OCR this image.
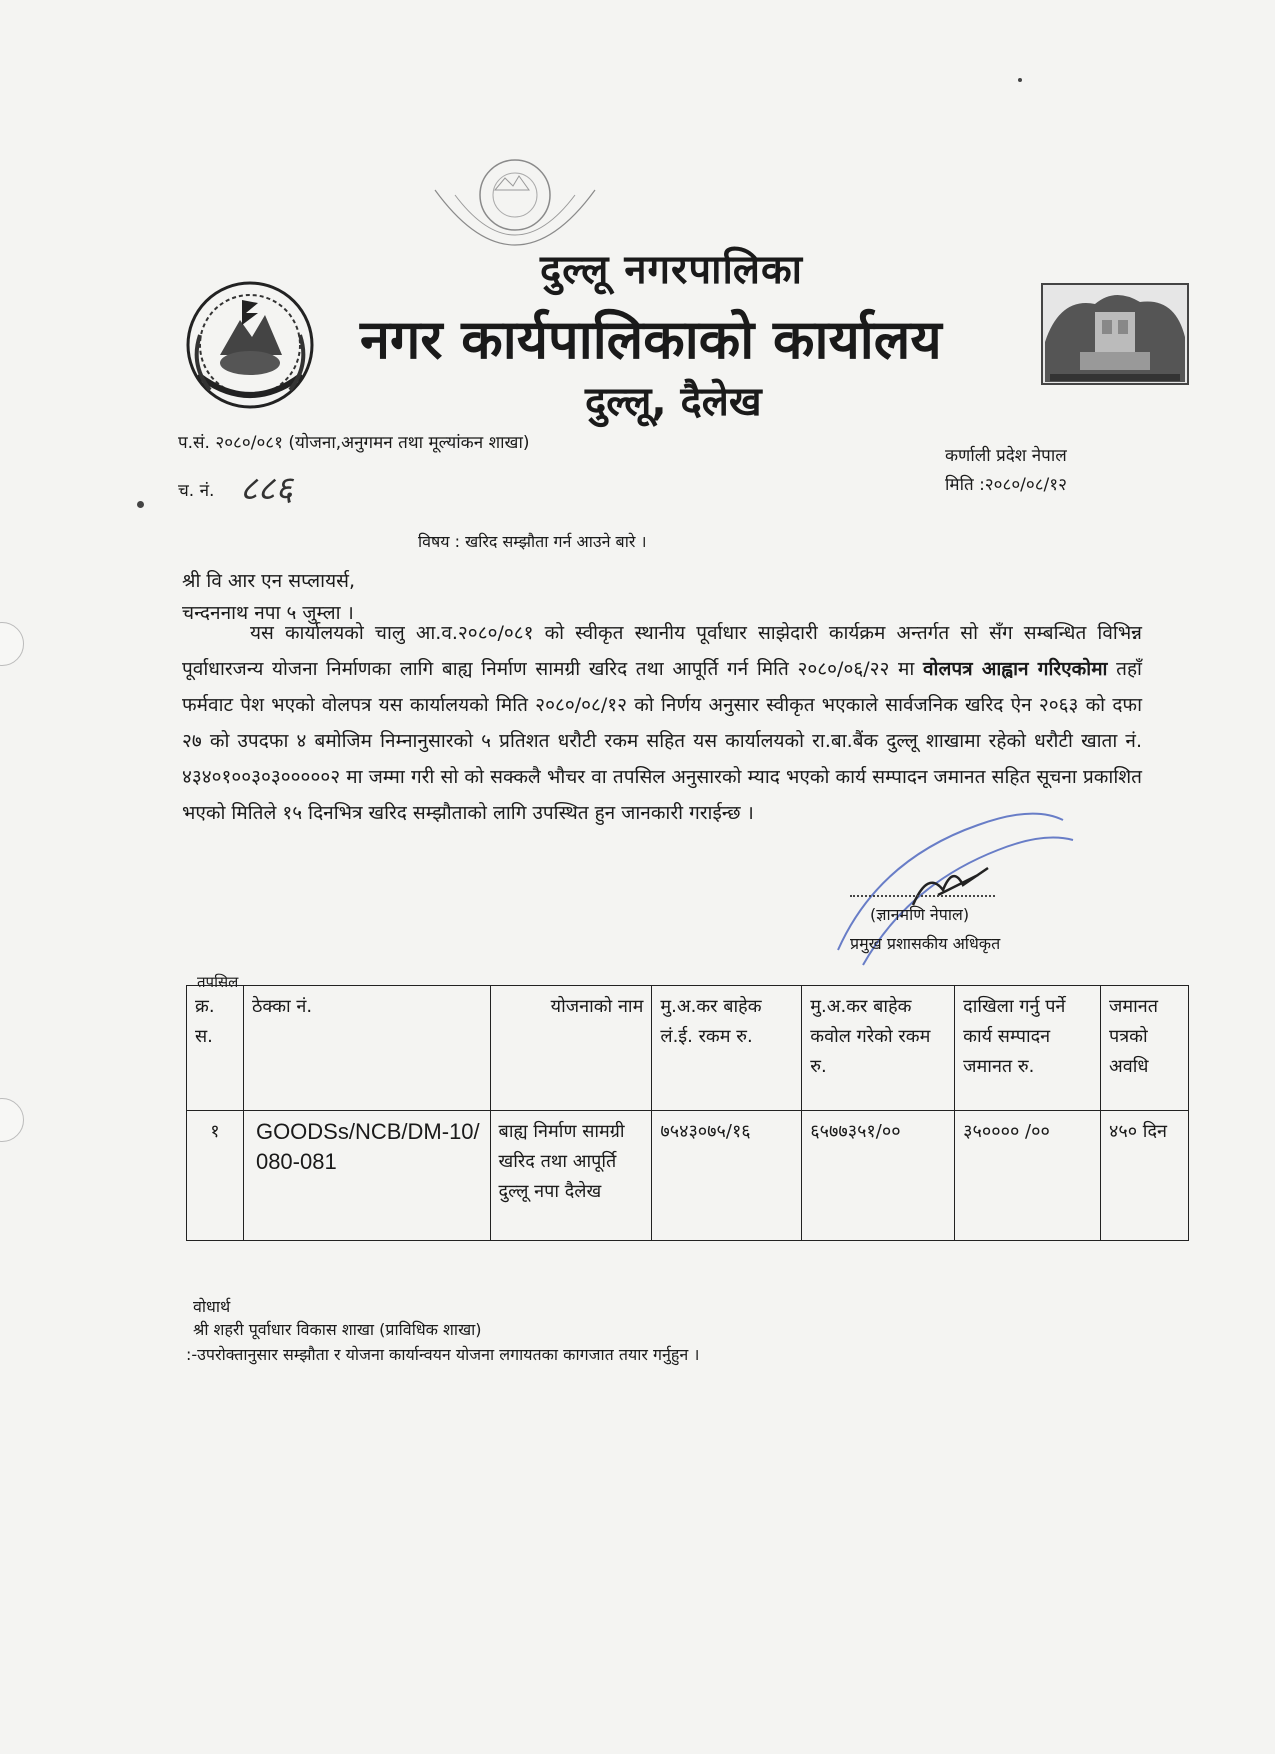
दुल्लू नगरपालिका
नगर कार्यपालिकाको कार्यालय
दुल्लू, दैलेख
प.सं. २०८०/०८१ (योजना,अनुगमन तथा मूल्यांकन शाखा)
च. नं. ८८६
कर्णाली प्रदेश नेपाल
मिति :२०८०/०८/१२
विषय : खरिद सम्झौता गर्न आउने बारे ।
श्री वि आर एन सप्लायर्स,
चन्दननाथ नपा ५ जुम्ला ।
यस कार्यालयको चालु आ.व.२०८०/०८१ को स्वीकृत स्थानीय पूर्वाधार साझेदारी कार्यक्रम अन्तर्गत सो सँग सम्बन्धित विभिन्न पूर्वाधारजन्य योजना निर्माणका लागि बाह्य निर्माण सामग्री खरिद तथा आपूर्ति गर्न मिति २०८०/०६/२२ मा वोलपत्र आह्वान गरिएकोमा तहाँ फर्मवाट पेश भएको वोलपत्र यस कार्यालयको मिति २०८०/०८/१२ को निर्णय अनुसार स्वीकृत भएकाले सार्वजनिक खरिद ऐन २०६३ को दफा २७ को उपदफा ४ बमोजिम निम्नानुसारको ५ प्रतिशत धरौटी रकम सहित यस कार्यालयको रा.बा.बैंक दुल्लू शाखामा रहेको धरौटी खाता नं. ४३४०१००३०३०००००२ मा जम्मा गरी सो को सक्कलै भौचर वा तपसिल अनुसारको म्याद भएको कार्य सम्पादन जमानत सहित सूचना प्रकाशित भएको मितिले १५ दिनभित्र खरिद सम्झौताको लागि उपस्थित हुन जानकारी गराईन्छ ।
(ज्ञानमणि नेपाल)
प्रमुख प्रशासकीय अधिकृत
तपसिल
क्र. स.	ठेक्का नं.	योजनाको नाम	मु.अ.कर बाहेक लं.ई. रकम रु.	मु.अ.कर बाहेक कवोल गरेको रकम रु.	दाखिला गर्नु पर्ने कार्य सम्पादन जमानत रु.	जमानत पत्रको अवधि
१	GOODSs/NCB/DM-10/080-081	बाह्य निर्माण सामग्री खरिद तथा आपूर्ति दुल्लू नपा दैलेख	७५४३०७५/१६	६५७७३५१/००	३५०००० /००	४५० दिन
वोधार्थ
श्री शहरी पूर्वाधार विकास शाखा (प्राविधिक शाखा)
:-उपरोक्तानुसार सम्झौता र योजना कार्यान्वयन योजना लगायतका कागजात तयार गर्नुहुन ।
